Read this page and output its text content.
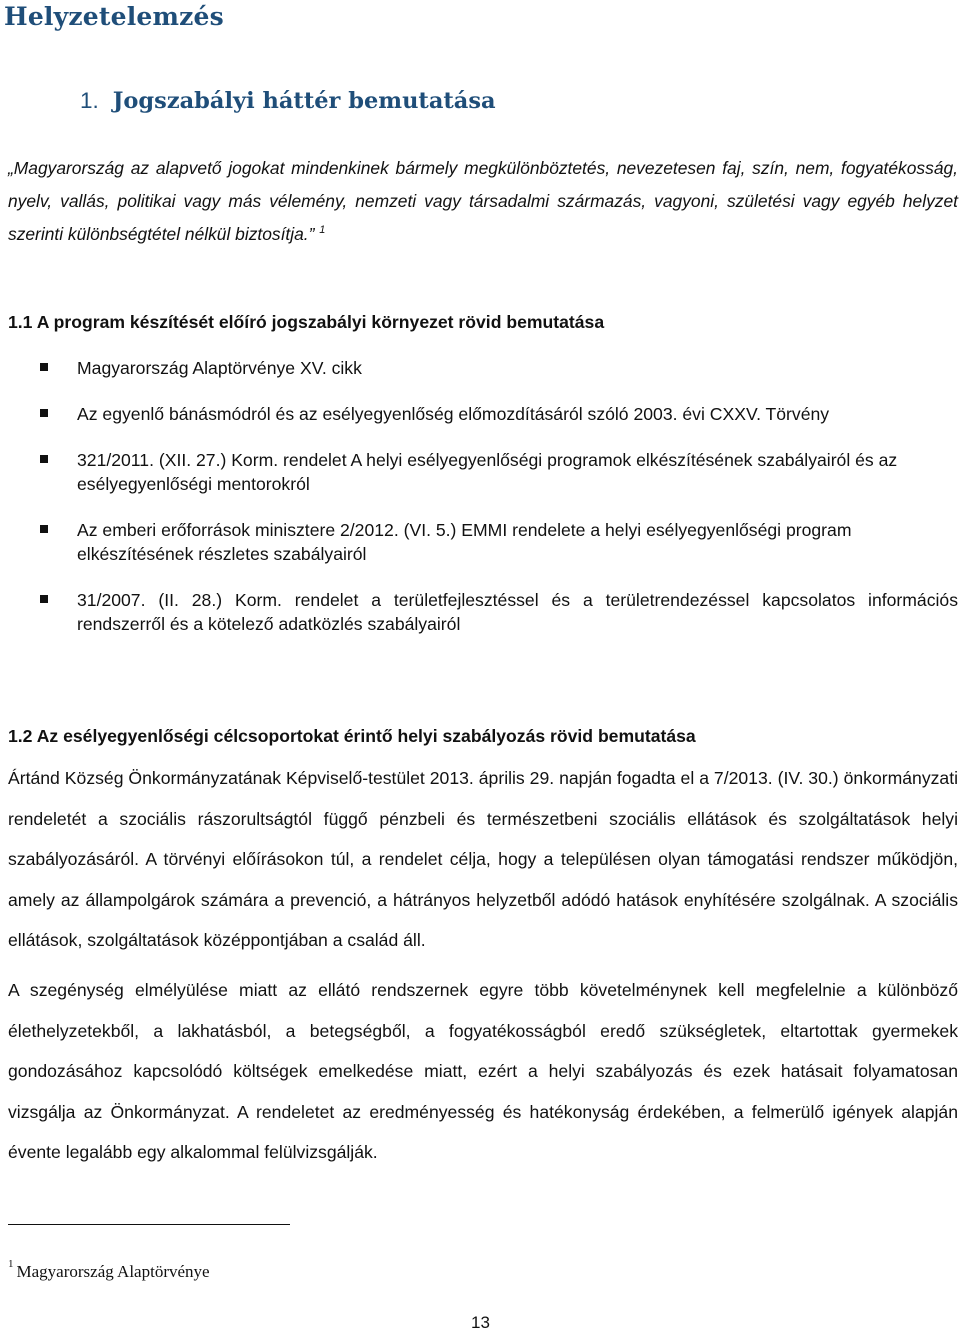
Helyzetelemzés
1. Jogszabályi háttér bemutatása

„Magyarország az alapvető jogokat mindenkinek bármely megkülönböztetés, nevezetesen faj, szín, nem, fogyatékosság, nyelv, vallás, politikai vagy más vélemény, nemzeti vagy társadalmi származás, vagyoni, születési vagy egyéb helyzet szerinti különbségtétel nélkül biztosítja.” $^1$

1.1 A program készítését előíró jogszabályi környezet rövid bemutatása
Magyarország Alaptörvénye XV. cikk
Az egyenlő bánásmódról és az esélyegyenlőség előmozdításáról szóló 2003. évi CXXV. Törvény
321/2011. (XII. 27.) Korm. rendelet A helyi esélyegyenlőségi programok elkészítésének szabályairól és az esélyegyenlőségi mentorokról
Az emberi erőforrások minisztere 2/2012. (VI. 5.) EMMI rendelete a helyi esélyegyenlőségi program elkészítésének részletes szabályairól
31/2007. (II. 28.) Korm. rendelet a területfejlesztéssel és a területrendezéssel kapcsolatos információs rendszerről és a kötelező adatközlés szabályairól
1.2 Az esélyegyenlőségi célcsoportokat érintő helyi szabályozás rövid bemutatása

Ártánd Község Önkormányzatának Képviselő-testület 2013. április 29. napján fogadta el a 7/2013. (IV. 30.) önkormányzati rendeletét a szociális rászorultságtól függő pénzbeli és természetbeni szociális ellátások és szolgáltatások helyi szabályozásáról. A törvényi előírásokon túl, a rendelet célja, hogy a településen olyan támogatási rendszer működjön, amely az állampolgárok számára a prevenció, a hátrányos helyzetből adódó hatások enyhítésére szolgálnak. A szociális ellátások, szolgáltatások középpontjában a család áll.

A szegénység elmélyülése miatt az ellátó rendszernek egyre több követelménynek kell megfelelnie a különböző élethelyzetekből, a lakhatásból, a betegségből, a fogyatékosságból eredő szükségletek, eltartottak gyermekek gondozásához kapcsolódó költségek emelkedése miatt, ezért a helyi szabályozás és ezek hatásait folyamatosan vizsgálja az Önkormányzat. A rendeletet az eredményesség és hatékonyság érdekében, a felmerülő igények alapján évente legalább egy alkalommal felülvizsgálják.

$^1$ Magyarország Alaptörvénye

13
